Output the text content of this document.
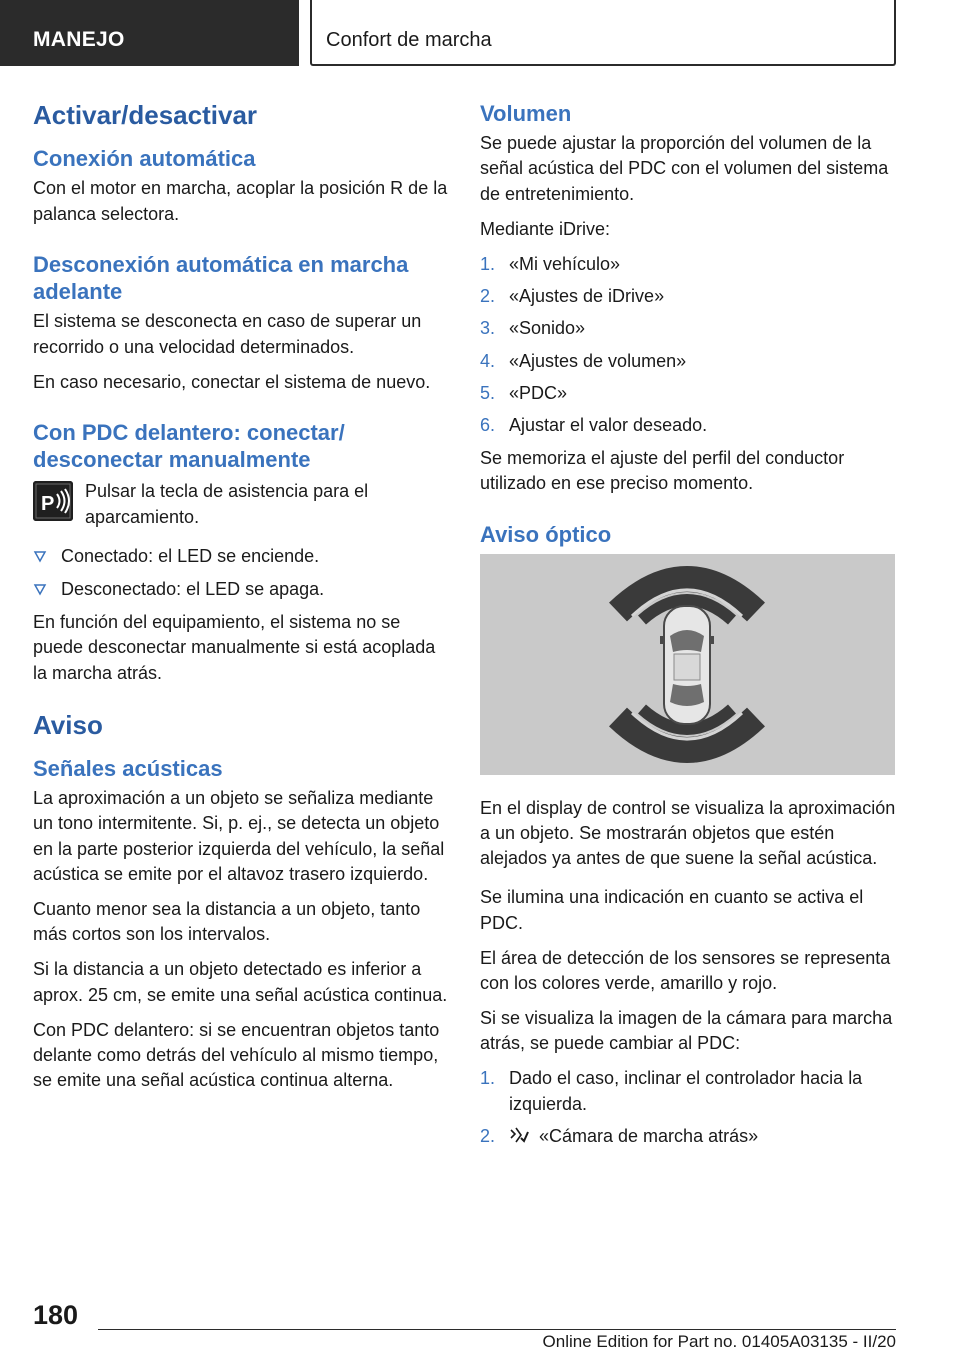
MANEJO	Confort de marcha
Activar/desactivar
Conexión automática

Con el motor en marcha, acoplar la posición R de la palanca selectora.

Desconexión automática en marcha adelante

El sistema se desconecta en caso de superar un recorrido o una velocidad determinados.

En caso necesario, conectar el sistema de nuevo.

Con PDC delantero: conectar/ desconectar manualmente
P

Pulsar la tecla de asistencia para el aparcamiento.

Conectado: el LED se enciende.
Desconectado: el LED se apaga.

En función del equipamiento, el sistema no se puede desconectar manualmente si está acoplada la marcha atrás.

Aviso
Señales acústicas

La aproximación a un objeto se señaliza mediante un tono intermitente. Si, p. ej., se detecta un objeto en la parte posterior izquierda del vehículo, la señal acústica se emite por el altavoz trasero izquierdo.

Cuanto menor sea la distancia a un objeto, tanto más cortos son los intervalos.

Si la distancia a un objeto detectado es inferior a aprox. 25 cm, se emite una señal acústica continua.

Con PDC delantero: si se encuentran objetos tanto delante como detrás del vehículo al mismo tiempo, se emite una señal acústica continua alterna.

Volumen

Se puede ajustar la proporción del volumen de la señal acústica del PDC con el volumen del sistema de entretenimiento.

Mediante iDrive:

1. «Mi vehículo»
2. «Ajustes de iDrive»
3. «Sonido»
4. «Ajustes de volumen»
5. «PDC»
6. Ajustar el valor deseado.

Se memoriza el ajuste del perfil del conductor utilizado en ese preciso momento.

Aviso óptico

En el display de control se visualiza la aproximación a un objeto. Se mostrarán objetos que estén alejados ya antes de que suene la señal acústica.

Se ilumina una indicación en cuanto se activa el PDC.

El área de detección de los sensores se representa con los colores verde, amarillo y rojo.

Si se visualiza la imagen de la cámara para marcha atrás, se puede cambiar al PDC:

1. Dado el caso, inclinar el controlador hacia la izquierda.
2. «Cámara de marcha atrás»
180
Online Edition for Part no. 01405A03135 - II/20
